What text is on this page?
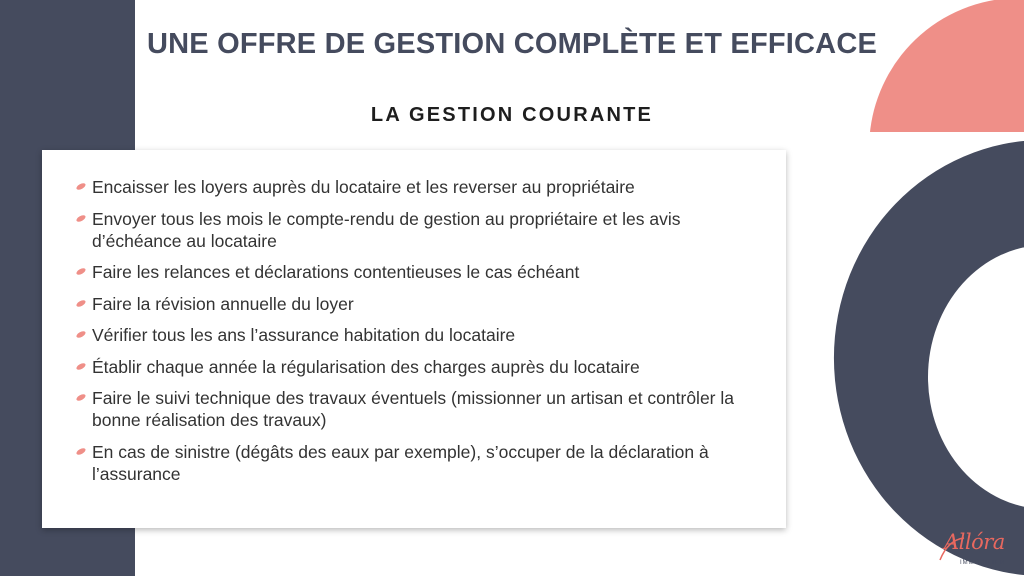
UNE OFFRE DE GESTION COMPLÈTE ET EFFICACE
LA GESTION COURANTE
Encaisser les loyers auprès du locataire et les reverser au propriétaire
Envoyer tous les mois le compte-rendu de gestion au propriétaire et les avis d’échéance au locataire
Faire les relances et déclarations contentieuses le cas échéant
Faire la révision annuelle du loyer
Vérifier tous les ans l’assurance habitation du locataire
Établir chaque année la régularisation des charges auprès du locataire
Faire le suivi technique des travaux éventuels (missionner un artisan et contrôler la bonne réalisation des travaux)
En cas de sinistre (dégâts des eaux par exemple), s’occuper de la déclaration à l’assurance
Allóra
IMMOBILIER
